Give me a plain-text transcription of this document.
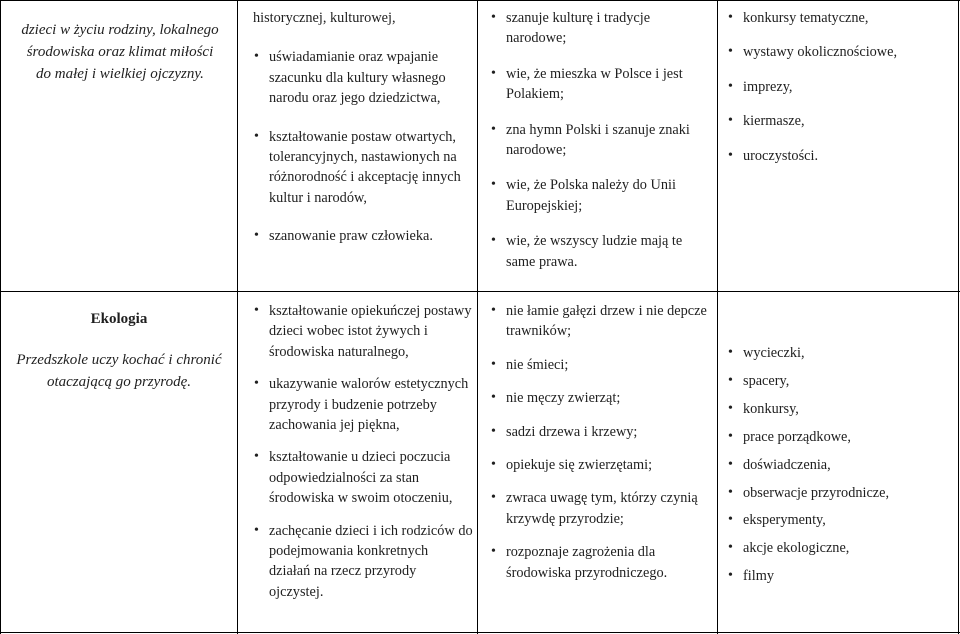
dzieci w życiu rodziny, lokalnego środowiska oraz klimat miłości do małej i wielkiej ojczyzny.

historycznej, kulturowej,

• uświadamianie oraz wpajanie szacunku dla kultury własnego narodu oraz jego dziedzictwa,
• kształtowanie postaw otwartych, tolerancyjnych, nastawionych na różnorodność i akceptację innych kultur i narodów,
• szanowanie praw człowieka.
• szanuje kulturę i tradycje narodowe;
• wie, że mieszka w Polsce i jest Polakiem;
• zna hymn Polski i szanuje znaki narodowe;
• wie, że Polska należy do Unii Europejskiej;
• wie, że wszyscy ludzie mają te same prawa.
• konkursy tematyczne,
• wystawy okolicznościowe,
• imprezy,
• kiermasze,
• uroczystości.

Ekologia

Przedszkole uczy kochać i chronić otaczającą go przyrodę.

• kształtowanie opiekuńczej postawy dzieci wobec istot żywych i środowiska naturalnego,
• ukazywanie walorów estetycznych przyrody i budzenie potrzeby zachowania jej piękna,
• kształtowanie u dzieci poczucia odpowiedzialności za stan środowiska w swoim otoczeniu,
• zachęcanie dzieci i ich rodziców do podejmowania konkretnych działań na rzecz przyrody ojczystej.
• nie łamie gałęzi drzew i nie depcze trawników;
• nie śmieci;
• nie męczy zwierząt;
• sadzi drzewa i krzewy;
• opiekuje się zwierzętami;
• zwraca uwagę tym, którzy czynią krzywdę przyrodzie;
• rozpoznaje zagrożenia dla środowiska przyrodniczego.
• wycieczki,
• spacery,
• konkursy,
• prace porządkowe,
• doświadczenia,
• obserwacje przyrodnicze,
• eksperymenty,
• akcje ekologiczne,
• filmy
